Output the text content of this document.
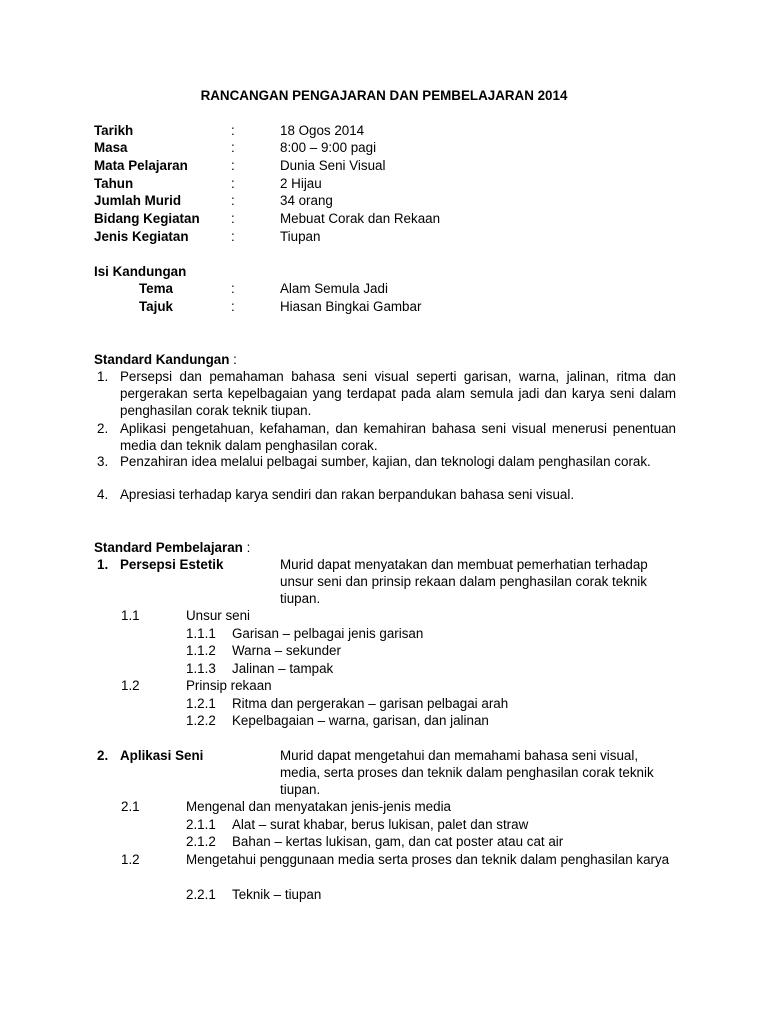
RANCANGAN PENGAJARAN DAN PEMBELAJARAN 2014
Tarikh	:	18 Ogos 2014
Masa	:	8:00 – 9:00 pagi
Mata Pelajaran	:	Dunia Seni Visual
Tahun	:	2 Hijau
Jumlah Murid	:	34 orang
Bidang Kegiatan :	Mebuat Corak dan Rekaan
Jenis Kegiatan	:	Tiupan
Isi Kandungan
Tema	:	Alam Semula Jadi
Tajuk	:	Hiasan Bingkai Gambar
Standard Kandungan :
1. Persepsi dan pemahaman bahasa seni visual seperti garisan, warna, jalinan, ritma dan pergerakan serta kepelbagaian yang terdapat pada alam semula jadi dan karya seni dalam penghasilan corak teknik tiupan.
2. Aplikasi pengetahuan, kefahaman, dan kemahiran bahasa seni visual menerusi penentuan media dan teknik dalam penghasilan corak.
3. Penzahiran idea melalui pelbagai sumber, kajian, dan teknologi dalam penghasilan corak.
4. Apresiasi terhadap karya sendiri dan rakan berpandukan bahasa seni visual.
Standard Pembelajaran :
1. Persepsi Estetik	Murid dapat menyatakan dan membuat pemerhatian terhadap unsur seni dan prinsip rekaan dalam penghasilan corak teknik tiupan.
1.1	Unsur seni
1.1.1 Garisan – pelbagai jenis garisan
1.1.2 Warna – sekunder
1.1.3 Jalinan – tampak
1.2	Prinsip rekaan
1.2.1 Ritma dan pergerakan – garisan pelbagai arah
1.2.2 Kepelbagaian – warna, garisan, dan jalinan
2. Aplikasi Seni	Murid dapat mengetahui dan memahami bahasa seni visual, media, serta proses dan teknik dalam penghasilan corak teknik tiupan.
2.1	Mengenal dan menyatakan jenis-jenis media
2.1.1 Alat – surat khabar, berus lukisan, palet dan straw
2.1.2 Bahan – kertas lukisan, gam, dan cat poster atau cat air
1.2	Mengetahui penggunaan media serta proses dan teknik dalam penghasilan karya
2.2.1 Teknik – tiupan
